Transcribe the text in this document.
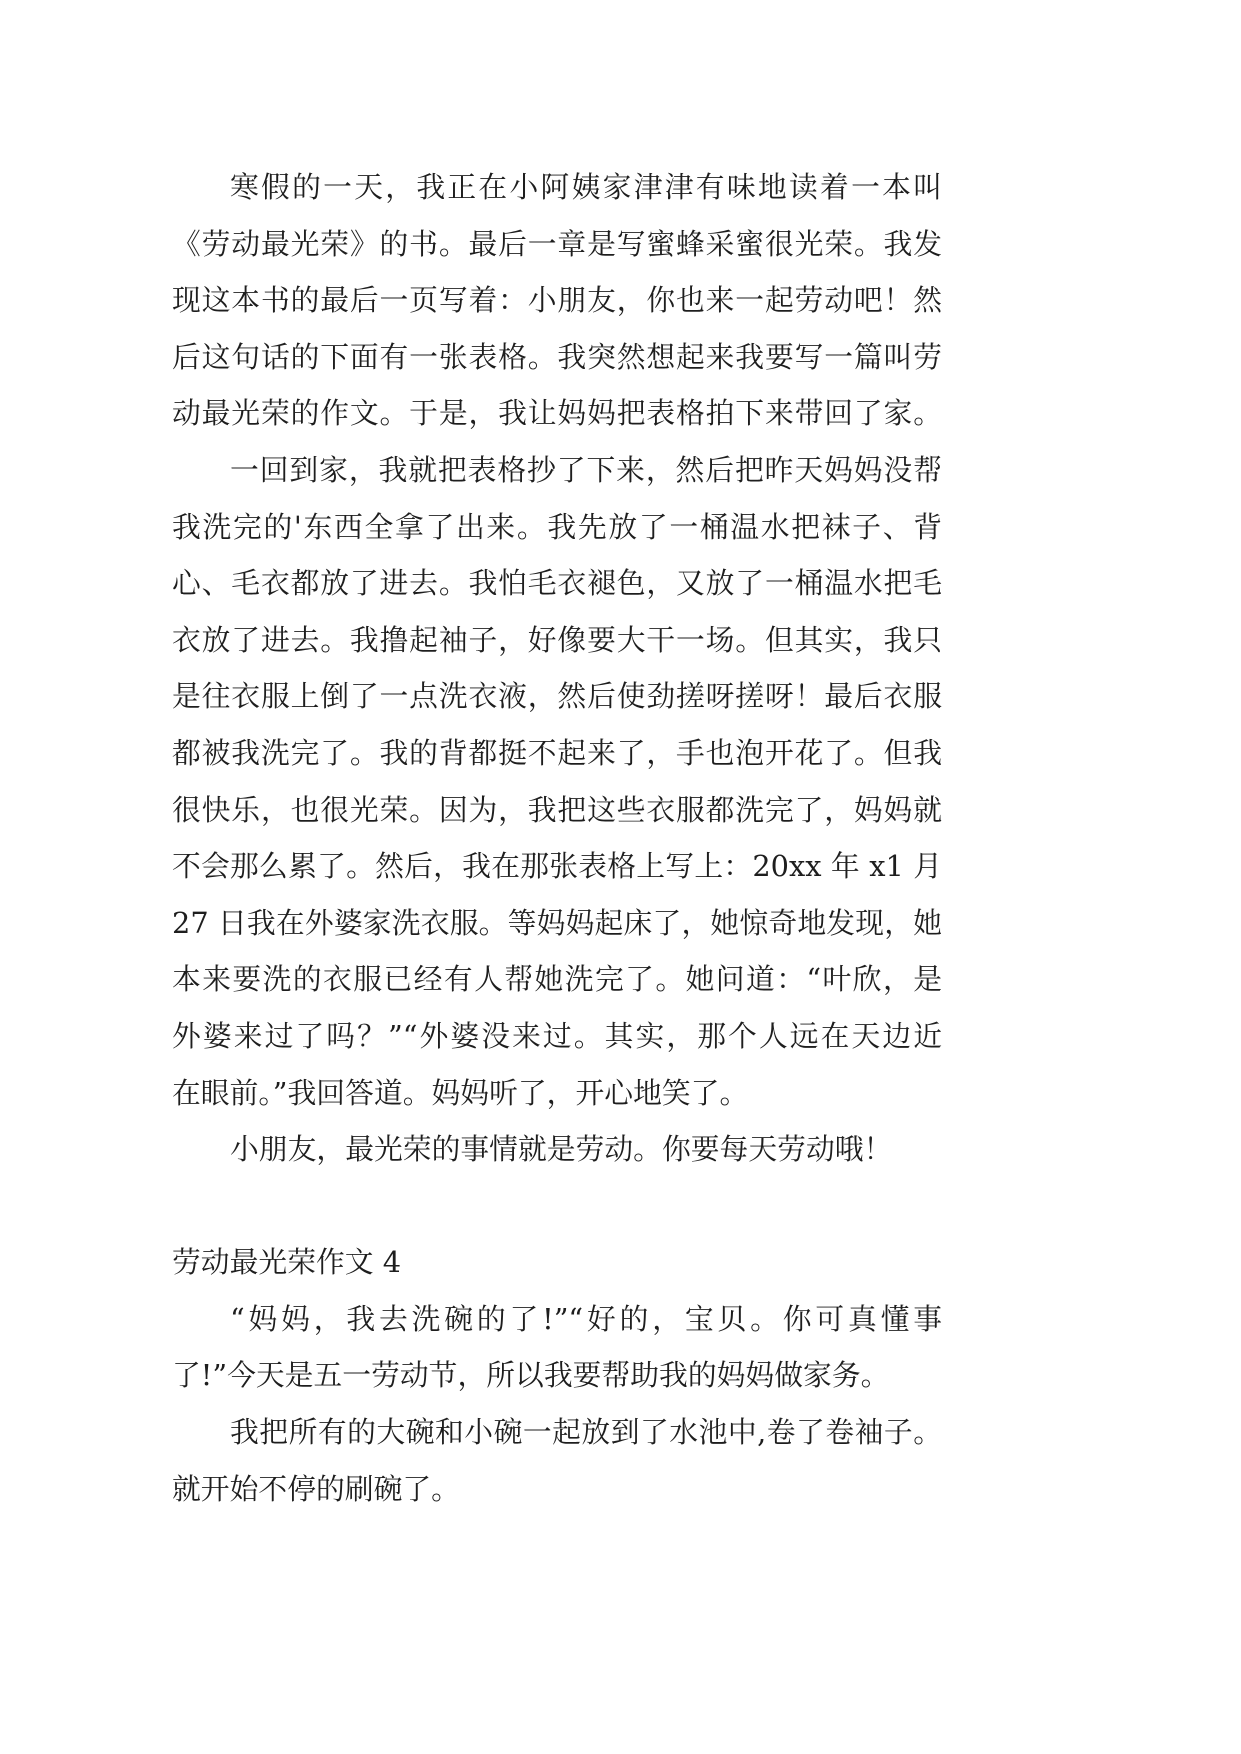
寒假的一天，我正在小阿姨家津津有味地读着一本叫
《劳动最光荣》的书。最后一章是写蜜蜂采蜜很光荣。我发
现这本书的最后一页写着：小朋友，你也来一起劳动吧！然
后这句话的下面有一张表格。我突然想起来我要写一篇叫劳
动最光荣的作文。于是，我让妈妈把表格拍下来带回了家。
一回到家，我就把表格抄了下来，然后把昨天妈妈没帮
我洗完的'东西全拿了出来。我先放了一桶温水把袜子、背
心、毛衣都放了进去。我怕毛衣褪色，又放了一桶温水把毛
衣放了进去。我撸起袖子，好像要大干一场。但其实，我只
是往衣服上倒了一点洗衣液，然后使劲搓呀搓呀！最后衣服
都被我洗完了。我的背都挺不起来了，手也泡开花了。但我
很快乐，也很光荣。因为，我把这些衣服都洗完了，妈妈就
不会那么累了。然后，我在那张表格上写上：20xx 年 x1 月
27 日我在外婆家洗衣服。等妈妈起床了，她惊奇地发现，她
本来要洗的衣服已经有人帮她洗完了。她问道：“叶欣，是
外婆来过了吗？”“外婆没来过。其实，那个人远在天边近
在眼前。”我回答道。妈妈听了，开心地笑了。
小朋友，最光荣的事情就是劳动。你要每天劳动哦！
劳动最光荣作文 4
“妈妈，我去洗碗的了!”“好的，宝贝。你可真懂事
了!”今天是五一劳动节，所以我要帮助我的妈妈做家务。
我把所有的大碗和小碗一起放到了水池中,卷了卷袖子。
就开始不停的刷碗了。
